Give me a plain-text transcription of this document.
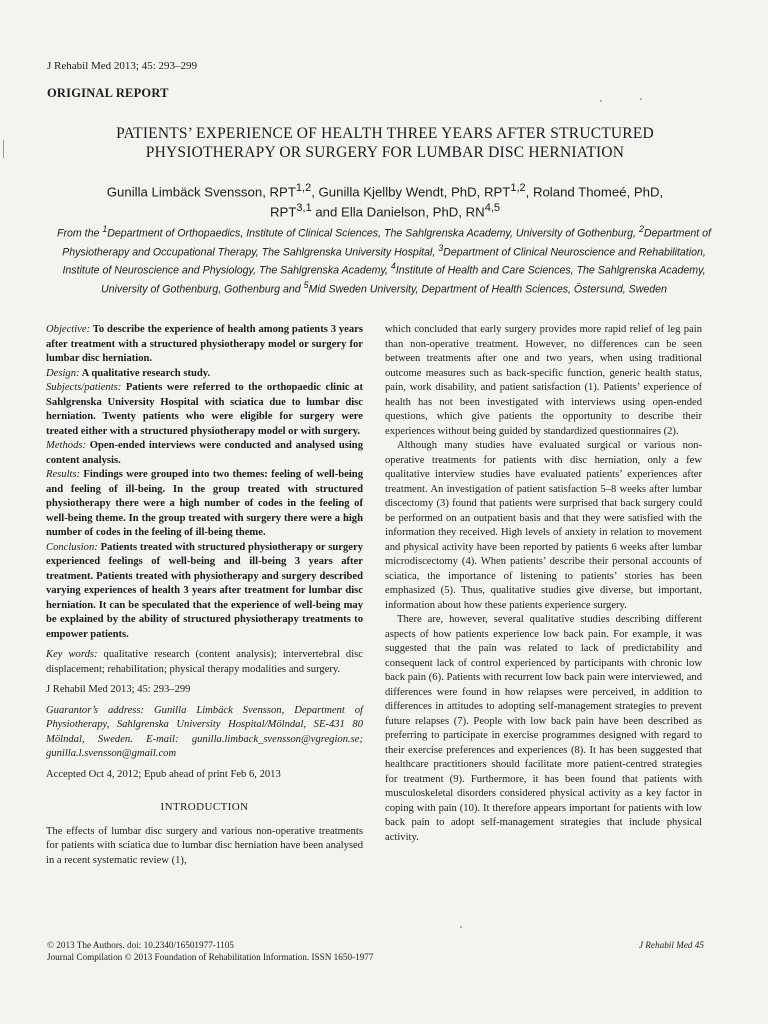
J Rehabil Med 2013; 45: 293–299
ORIGINAL REPORT
PATIENTS’ EXPERIENCE OF HEALTH THREE YEARS AFTER STRUCTURED
PHYSIOTHERAPY OR SURGERY FOR LUMBAR DISC HERNIATION
Gunilla Limbäck Svensson, RPT$^{1,2}$, Gunilla Kjellby Wendt, PhD, RPT$^{1,2}$, Roland Thomeé, PhD,
RPT$^{3,1}$ and Ella Danielson, PhD, RN$^{4,5}$
From the $^1$Department of Orthopaedics, Institute of Clinical Sciences, The Sahlgrenska Academy, University of Gothenburg, $^2$Department of Physiotherapy and Occupational Therapy, The Sahlgrenska University Hospital, $^3$Department of Clinical Neuroscience and Rehabilitation, Institute of Neuroscience and Physiology, The Sahlgrenska Academy, $^4$Institute of Health and Care Sciences, The Sahlgrenska Academy, University of Gothenburg, Gothenburg and $^5$Mid Sweden University, Department of Health Sciences, Östersund, Sweden

Objective: To describe the experience of health among patients 3 years after treatment with a structured physiotherapy model or surgery for lumbar disc herniation.

Design: A qualitative research study.

Subjects/patients: Patients were referred to the orthopaedic clinic at Sahlgrenska University Hospital with sciatica due to lumbar disc herniation. Twenty patients who were eligible for surgery were treated either with a structured physiotherapy model or with surgery.

Methods: Open-ended interviews were conducted and analysed using content analysis.

Results: Findings were grouped into two themes: feeling of well-being and feeling of ill-being. In the group treated with structured physiotherapy there were a high number of codes in the feeling of well-being theme. In the group treated with surgery there were a high number of codes in the feeling of ill-being theme.

Conclusion: Patients treated with structured physiotherapy or surgery experienced feelings of well-being and ill-being 3 years after treatment. Patients treated with physiotherapy and surgery described varying experiences of health 3 years after treatment for lumbar disc herniation. It can be speculated that the experience of well-being may be explained by the ability of structured physiotherapy treatments to empower patients.

Key words: qualitative research (content analysis); intervertebral disc displacement; rehabilitation; physical therapy modalities and surgery.

J Rehabil Med 2013; 45: 293–299

Guarantor’s address: Gunilla Limbäck Svensson, Department of Physiotherapy, Sahlgrenska University Hospital/Mölndal, SE-431 80 Mölndal, Sweden. E-mail: gunilla.limback_svensson@vgregion.se; gunilla.l.svensson@gmail.com

Accepted Oct 4, 2012; Epub ahead of print Feb 6, 2013

INTRODUCTION

The effects of lumbar disc surgery and various non-operative treatments for patients with sciatica due to lumbar disc herniation have been analysed in a recent systematic review (1),

which concluded that early surgery provides more rapid relief of leg pain than non-operative treatment. However, no differences can be seen between treatments after one and two years, when using traditional outcome measures such as back-specific function, generic health status, pain, work disability, and patient satisfaction (1). Patients’ experience of health has not been investigated with interviews using open-ended questions, which give patients the opportunity to describe their experiences without being guided by standardized questionnaires (2).

Although many studies have evaluated surgical or various non-operative treatments for patients with disc herniation, only a few qualitative interview studies have evaluated patients’ experiences after treatment. An investigation of patient satisfaction 5–8 weeks after lumbar discectomy (3) found that patients were surprised that back surgery could be performed on an outpatient basis and that they were satisfied with the information they received. High levels of anxiety in relation to movement and physical activity have been reported by patients 6 weeks after lumbar microdiscectomy (4). When patients’ describe their personal accounts of sciatica, the importance of listening to patients’ stories has been emphasized (5). Thus, qualitative studies give diverse, but important, information about how these patients experience surgery.

There are, however, several qualitative studies describing different aspects of how patients experience low back pain. For example, it was suggested that the pain was related to lack of predictability and consequent lack of control experienced by participants with chronic low back pain (6). Patients with recurrent low back pain were interviewed, and differences were found in how relapses were perceived, in addition to differences in attitudes to adopting self-management strategies to prevent future relapses (7). People with low back pain have been described as preferring to participate in exercise programmes designed with regard to their exercise preferences and experiences (8). It has been suggested that healthcare practitioners should facilitate more patient-centred strategies for treatment (9). Furthermore, it has been found that patients with musculoskeletal disorders considered physical activity as a key factor in coping with pain (10). It therefore appears important for patients with low back pain to adopt self-management strategies that include physical activity.

© 2013 The Authors. doi: 10.2340/16501977-1105
Journal Compilation © 2013 Foundation of Rehabilitation Information. ISSN 1650-1977
J Rehabil Med 45
